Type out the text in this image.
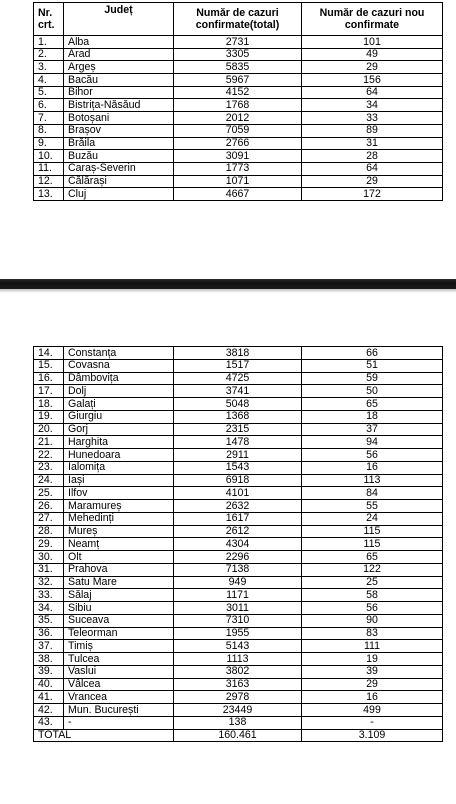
Nr. crt.	Județ	Număr de cazuri confirmate(total)	Număr de cazuri nou confirmate
1.	Alba	2731	101
2.	Arad	3305	49
3.	Argeș	5835	29
4.	Bacău	5967	156
5.	Bihor	4152	64
6.	Bistrița-Năsăud	1768	34
7.	Botoșani	2012	33
8.	Brașov	7059	89
9.	Brăila	2766	31
10.	Buzău	3091	28
11.	Caraș-Severin	1773	64
12.	Călărași	1071	29
13.	Cluj	4667	172
14.	Constanța	3818	66
15.	Covasna	1517	51
16.	Dâmbovița	4725	59
17.	Dolj	3741	50
18.	Galați	5048	65
19.	Giurgiu	1368	18
20.	Gorj	2315	37
21.	Harghita	1478	94
22.	Hunedoara	2911	56
23.	Ialomița	1543	16
24.	Iași	6918	113
25.	Ilfov	4101	84
26.	Maramureș	2632	55
27.	Mehedinți	1617	24
28.	Mureș	2612	115
29.	Neamț	4304	115
30.	Olt	2296	65
31.	Prahova	7138	122
32.	Satu Mare	949	25
33.	Sălaj	1171	58
34.	Sibiu	3011	56
35.	Suceava	7310	90
36.	Teleorman	1955	83
37.	Timiș	5143	111
38.	Tulcea	1113	19
39.	Vaslui	3802	39
40.	Vâlcea	3163	29
41.	Vrancea	2978	16
42.	Mun. București	23449	499
43.	-	138	-
TOTAL		160.461	3.109
